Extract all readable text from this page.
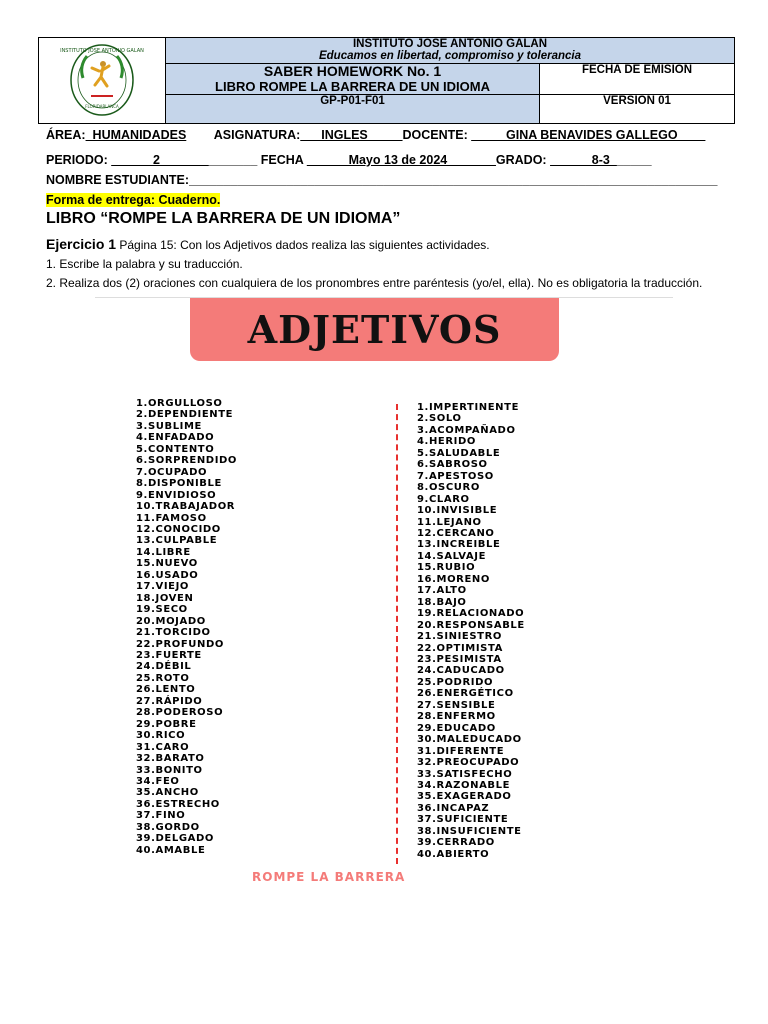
INSTITUTO JOSE ANTONIO GALAN
FLORIDABLANCA
INSTITUTO JOSE ANTONIO GALAN
Educamos en libertad, compromiso y tolerancia
SABER HOMEWORK No. 1
LIBRO ROMPE LA BARRERA DE UN IDIOMA
FECHA DE EMISION
GP-P01-F01	VERSION 01
ÁREA:_HUMANIDADES ASIGNATURA:___INGLES_____DOCENTE: _____GINA BENAVIDES GALLEGO____
PERIODO: ______2______________ FECHA ______Mayo 13 de 2024_______GRADO: ______8-3______
NOMBRE ESTUDIANTE:____________________________________________________________________________
Forma de entrega: Cuaderno.
LIBRO “ROMPE LA BARRERA DE UN IDIOMA”
Ejercicio 1 Página 15: Con los Adjetivos dados realiza las siguientes actividades.
1. Escribe la palabra y su traducción.
2. Realiza dos (2) oraciones con cualquiera de los pronombres entre paréntesis (yo/el, ella). No es obligatoria la traducción.
ADJETIVOS
1.ORGULLOSO
2.DEPENDIENTE
3.SUBLIME
4.ENFADADO
5.CONTENTO
6.SORPRENDIDO
7.OCUPADO
8.DISPONIBLE
9.ENVIDIOSO
10.TRABAJADOR
11.FAMOSO
12.CONOCIDO
13.CULPABLE
14.LIBRE
15.NUEVO
16.USADO
17.VIEJO
18.JOVEN
19.SECO
20.MOJADO
21.TORCIDO
22.PROFUNDO
23.FUERTE
24.DÉBIL
25.ROTO
26.LENTO
27.RÁPIDO
28.PODEROSO
29.POBRE
30.RICO
31.CARO
32.BARATO
33.BONITO
34.FEO
35.ANCHO
36.ESTRECHO
37.FINO
38.GORDO
39.DELGADO
40.AMABLE
1.IMPERTINENTE
2.SOLO
3.ACOMPAÑADO
4.HERIDO
5.SALUDABLE
6.SABROSO
7.APESTOSO
8.OSCURO
9.CLARO
10.INVISIBLE
11.LEJANO
12.CERCANO
13.INCREIBLE
14.SALVAJE
15.RUBIO
16.MORENO
17.ALTO
18.BAJO
19.RELACIONADO
20.RESPONSABLE
21.SINIESTRO
22.OPTIMISTA
23.PESIMISTA
24.CADUCADO
25.PODRIDO
26.ENERGÉTICO
27.SENSIBLE
28.ENFERMO
29.EDUCADO
30.MALEDUCADO
31.DIFERENTE
32.PREOCUPADO
33.SATISFECHO
34.RAZONABLE
35.EXAGERADO
36.INCAPAZ
37.SUFICIENTE
38.INSUFICIENTE
39.CERRADO
40.ABIERTO
ROMPE LA BARRERA
